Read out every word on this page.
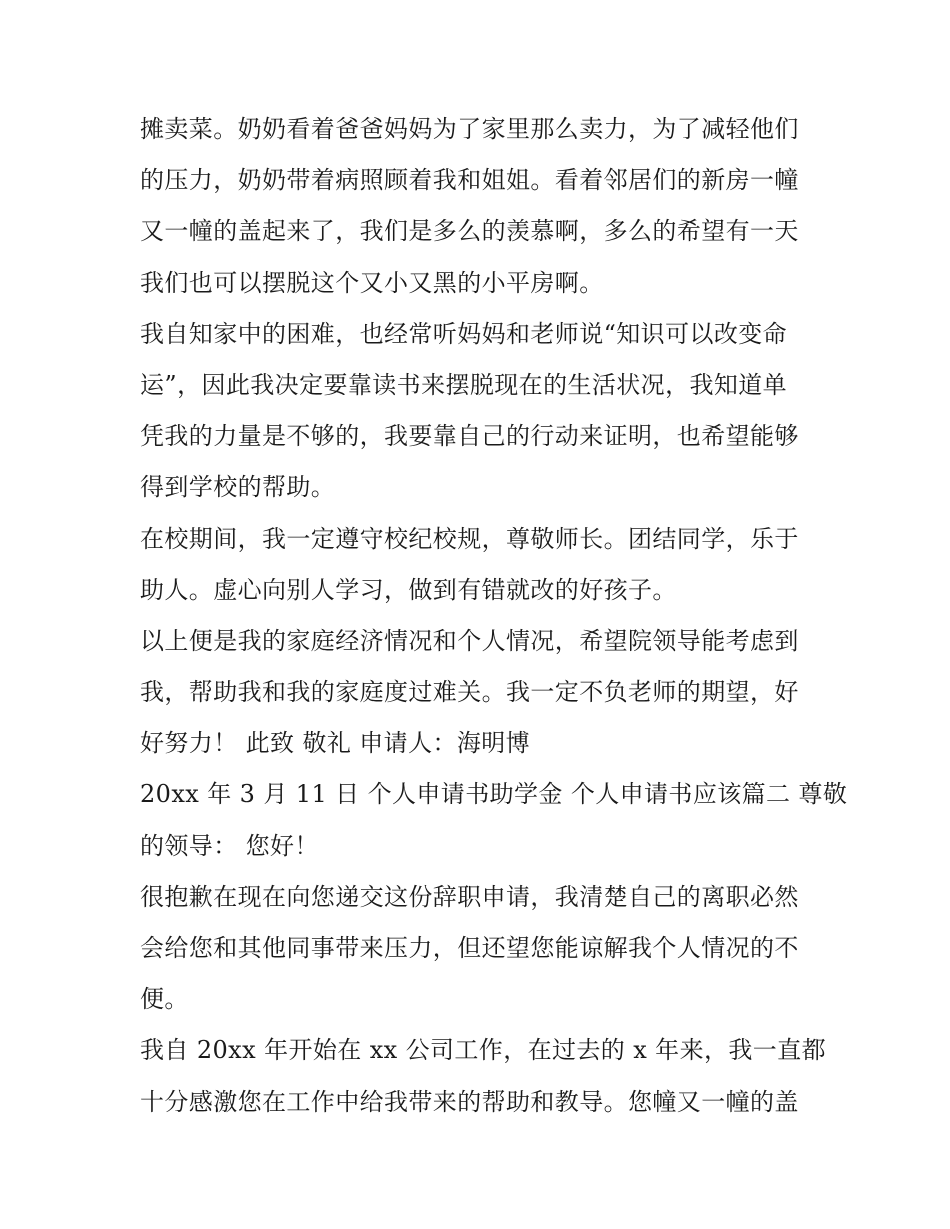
摊卖菜。奶奶看着爸爸妈妈为了家里那么卖力，为了减轻他们
的压力，奶奶带着病照顾着我和姐姐。看着邻居们的新房一幢
又一幢的盖起来了，我们是多么的羡慕啊，多么的希望有一天
我们也可以摆脱这个又小又黑的小平房啊。
我自知家中的困难，也经常听妈妈和老师说“知识可以改变命
运”，因此我决定要靠读书来摆脱现在的生活状况，我知道单
凭我的力量是不够的，我要靠自己的行动来证明，也希望能够
得到学校的帮助。
在校期间，我一定遵守校纪校规，尊敬师长。团结同学，乐于
助人。虚心向别人学习，做到有错就改的好孩子。
以上便是我的家庭经济情况和个人情况，希望院领导能考虑到
我，帮助我和我的家庭度过难关。我一定不负老师的期望，好
好努力！ 此致 敬礼 申请人：海明博
20xx 年 3 月 11 日 个人申请书助学金 个人申请书应该篇二 尊敬
的领导： 您好！
很抱歉在现在向您递交这份辞职申请，我清楚自己的离职必然
会给您和其他同事带来压力，但还望您能谅解我个人情况的不
便。
我自 20xx 年开始在 xx 公司工作，在过去的 x 年来，我一直都
十分感激您在工作中给我带来的帮助和教导。您幢又一幢的盖
